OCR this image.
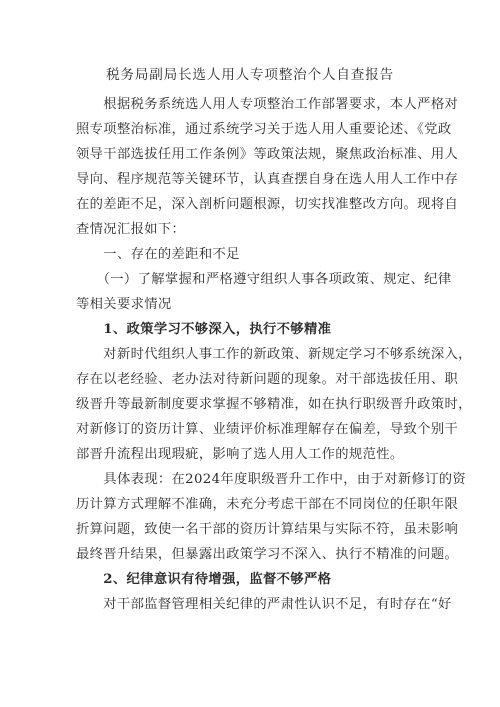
税务局副局长选人用人专项整治个人自查报告
　　根据税务系统选人用人专项整治工作部署要求，本人严格对
照专项整治标准，通过系统学习关于选人用人重要论述、《党政
领导干部选拔任用工作条例》等政策法规，聚焦政治标准、用人
导向、程序规范等关键环节，认真查摆自身在选人用人工作中存
在的差距不足，深入剖析问题根源，切实找准整改方向。现将自
查情况汇报如下：
　　一、存在的差距和不足
　　（一）了解掌握和严格遵守组织人事各项政策、规定、纪律
等相关要求情况
　　1、政策学习不够深入，执行不够精准
　　对新时代组织人事工作的新政策、新规定学习不够系统深入，
存在以老经验、老办法对待新问题的现象。对干部选拔任用、职
级晋升等最新制度要求掌握不够精准，如在执行职级晋升政策时，
对新修订的资历计算、业绩评价标准理解存在偏差，导致个别干
部晋升流程出现瑕疵，影响了选人用人工作的规范性。
　　具体表现：在2024年度职级晋升工作中，由于对新修订的资
历计算方式理解不准确，未充分考虑干部在不同岗位的任职年限
折算问题，致使一名干部的资历计算结果与实际不符，虽未影响
最终晋升结果，但暴露出政策学习不深入、执行不精准的问题。
　　2、纪律意识有待增强，监督不够严格
　　对干部监督管理相关纪律的严肃性认识不足，有时存在“好
